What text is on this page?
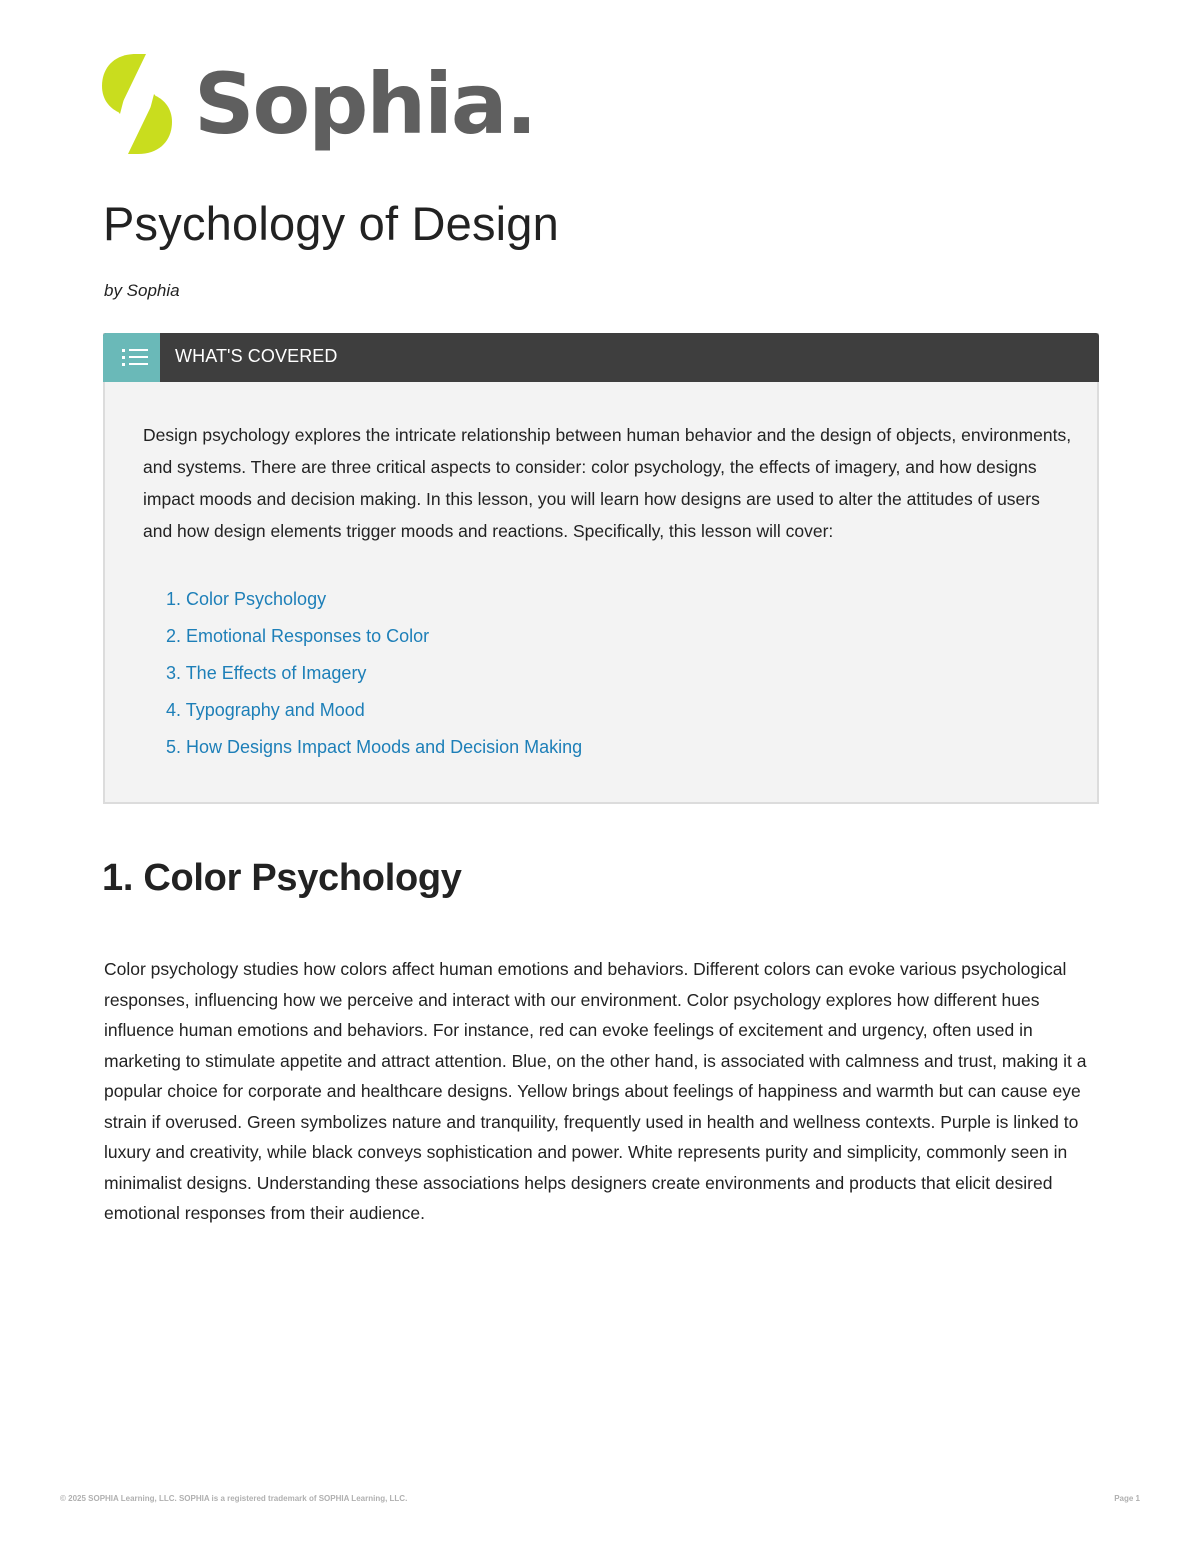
Sophia.
Psychology of Design
by Sophia
WHAT'S COVERED

Design psychology explores the intricate relationship between human behavior and the design of objects, environments, and systems. There are three critical aspects to consider: color psychology, the effects of imagery, and how designs impact moods and decision making. In this lesson, you will learn how designs are used to alter the attitudes of users and how design elements trigger moods and reactions. Specifically, this lesson will cover:

1. Color Psychology
2. Emotional Responses to Color
3. The Effects of Imagery
4. Typography and Mood
5. How Designs Impact Moods and Decision Making
1. Color Psychology

Color psychology studies how colors affect human emotions and behaviors. Different colors can evoke various psychological responses, influencing how we perceive and interact with our environment. Color psychology explores how different hues influence human emotions and behaviors. For instance, red can evoke feelings of excitement and urgency, often used in marketing to stimulate appetite and attract attention. Blue, on the other hand, is associated with calmness and trust, making it a popular choice for corporate and healthcare designs. Yellow brings about feelings of happiness and warmth but can cause eye strain if overused. Green symbolizes nature and tranquility, frequently used in health and wellness contexts. Purple is linked to luxury and creativity, while black conveys sophistication and power. White represents purity and simplicity, commonly seen in minimalist designs. Understanding these associations helps designers create environments and products that elicit desired emotional responses from their audience.

© 2025 SOPHIA Learning, LLC. SOPHIA is a registered trademark of SOPHIA Learning, LLC.	Page 1
